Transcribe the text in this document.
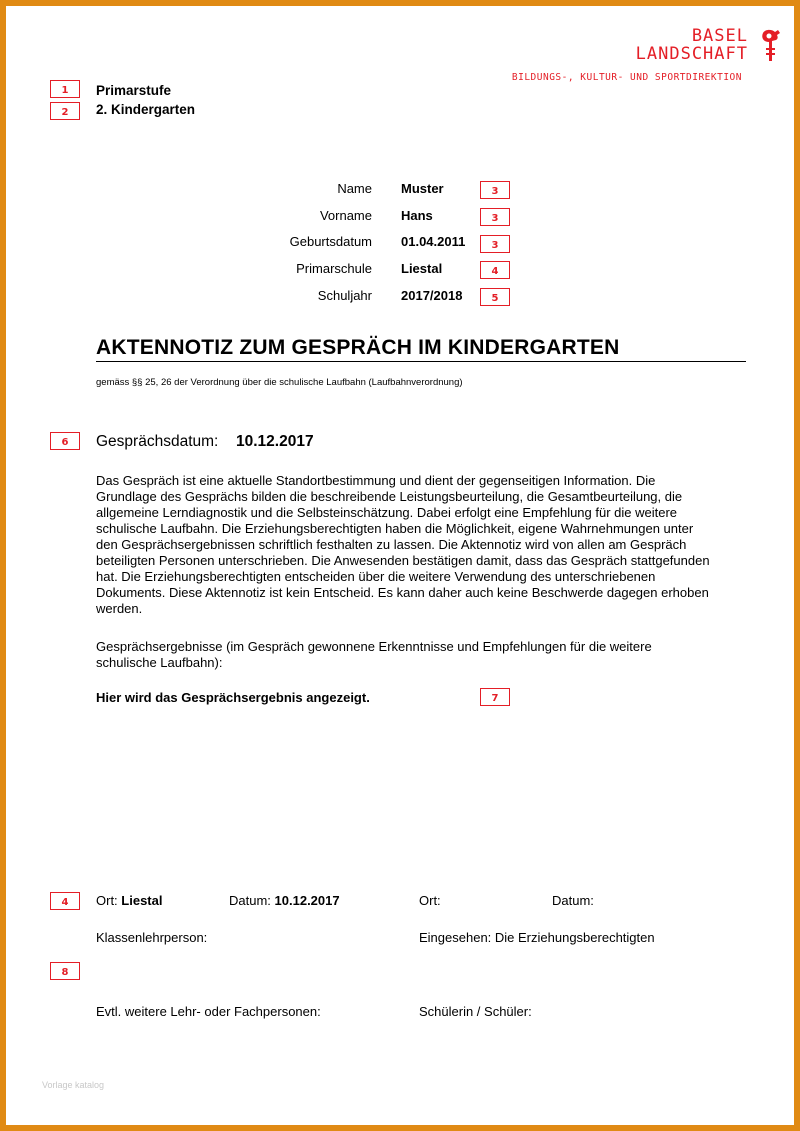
BASEL
LANDSCHAFT
BILDUNGS-, KULTUR- UND SPORTDIREKTION
1
2
3
3
3
4
5
6
7
4
8
Primarstufe
2. Kindergarten
Name Muster
Vorname Hans
Geburtsdatum 01.04.2011
Primarschule Liestal
Schuljahr 2017/2018
AKTENNOTIZ ZUM GESPRÄCH IM KINDERGARTEN
gemäss §§ 25, 26 der Verordnung über die schulische Laufbahn (Laufbahnverordnung)
Gesprächsdatum: 10.12.2017
Das Gespräch ist eine aktuelle Standortbestimmung und dient der gegenseitigen Information. Die
Grundlage des Gesprächs bilden die beschreibende Leistungsbeurteilung, die Gesamtbeurteilung, die
allgemeine Lerndiagnostik und die Selbsteinschätzung. Dabei erfolgt eine Empfehlung für die weitere
schulische Laufbahn. Die Erziehungsberechtigten haben die Möglichkeit, eigene Wahrnehmungen unter
den Gesprächsergebnissen schriftlich festhalten zu lassen. Die Aktennotiz wird von allen am Gespräch
beteiligten Personen unterschrieben. Die Anwesenden bestätigen damit, dass das Gespräch stattgefunden
hat. Die Erziehungsberechtigten entscheiden über die weitere Verwendung des unterschriebenen
Dokuments. Diese Aktennotiz ist kein Entscheid. Es kann daher auch keine Beschwerde dagegen erhoben
werden.
Gesprächsergebnisse (im Gespräch gewonnene Erkenntnisse und Empfehlungen für die weitere
schulische Laufbahn):
Hier wird das Gesprächsergebnis angezeigt.
Ort: Liestal	Datum: 10.12.2017	Ort:	Datum:
Klassenlehrperson:	Eingesehen: Die Erziehungsberechtigten
Evtl. weitere Lehr- oder Fachpersonen:	Schülerin / Schüler:
Vorlage katalog
